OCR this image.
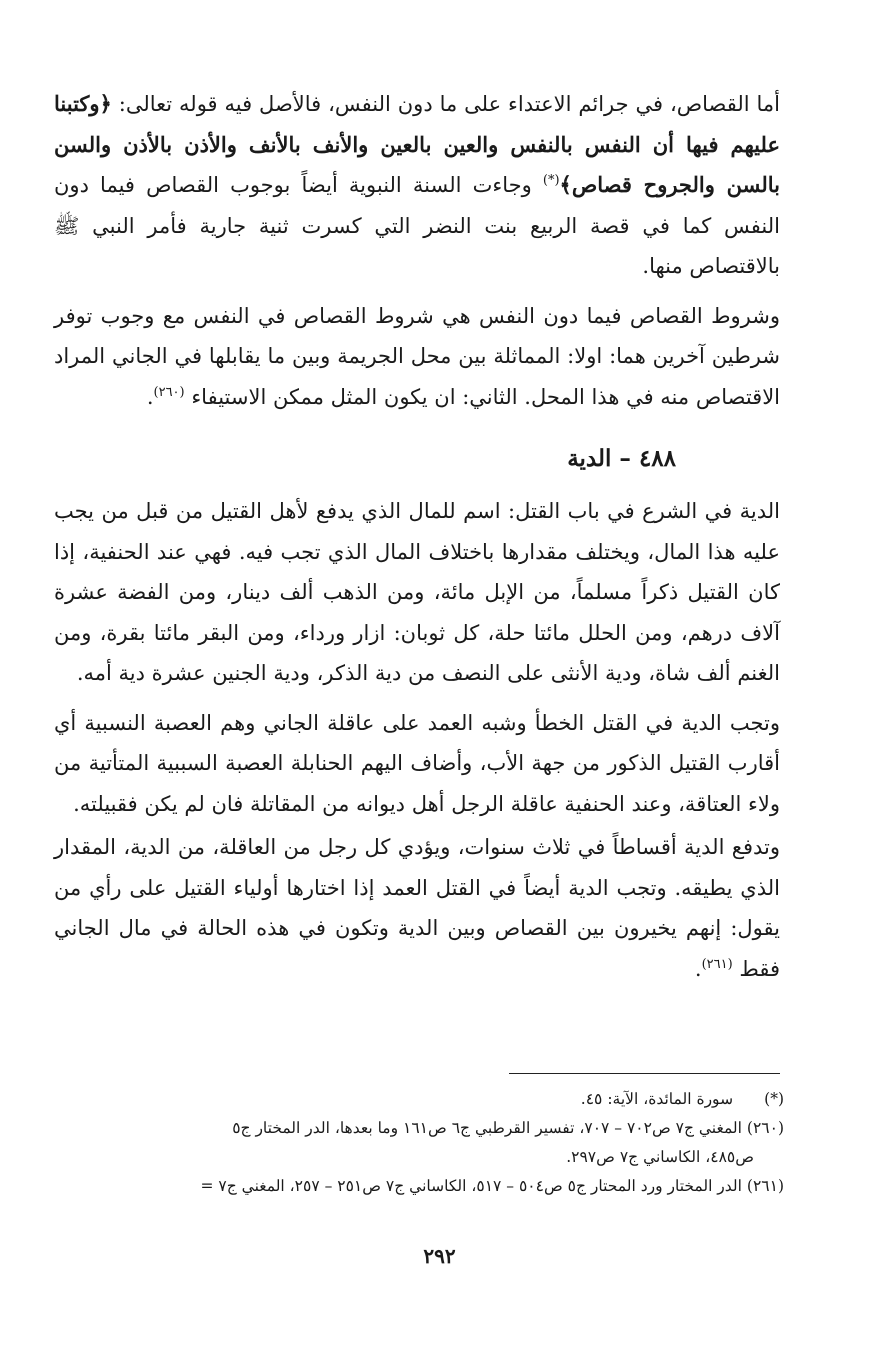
أما القصاص، في جرائم الاعتداء على ما دون النفس، فالأصل فيه قوله تعالى: ﴿وكتبنا عليهم فيها أن النفس بالنفس والعين بالعين والأنف بالأنف والأذن بالأذن والسن بالسن والجروح قصاص﴾(*) وجاءت السنة النبوية أيضاً بوجوب القصاص فيما دون النفس كما في قصة الربيع بنت النضر التي كسرت ثنية جارية فأمر النبي ﷺ بالاقتصاص منها.

وشروط القصاص فيما دون النفس هي شروط القصاص في النفس مع وجوب توفر شرطين آخرين هما: اولا: المماثلة بين محل الجريمة وبين ما يقابلها في الجاني المراد الاقتصاص منه في هذا المحل. الثاني: ان يكون المثل ممكن الاستيفاء $^{(٢٦٠)}$.

٤٨٨ – الدية

الدية في الشرع في باب القتل: اسم للمال الذي يدفع لأهل القتيل من قبل من يجب عليه هذا المال، ويختلف مقدارها باختلاف المال الذي تجب فيه. فهي عند الحنفية، إذا كان القتيل ذكراً مسلماً، من الإبل مائة، ومن الذهب ألف دينار، ومن الفضة عشرة آلاف درهم، ومن الحلل مائتا حلة، كل ثوبان: ازار ورداء، ومن البقر مائتا بقرة، ومن الغنم ألف شاة، ودية الأنثى على النصف من دية الذكر، ودية الجنين عشرة دية أمه.

وتجب الدية في القتل الخطأ وشبه العمد على عاقلة الجاني وهم العصبة النسبية أي أقارب القتيل الذكور من جهة الأب، وأضاف اليهم الحنابلة العصبة السببية المتأتية من ولاء العتاقة، وعند الحنفية عاقلة الرجل أهل ديوانه من المقاتلة فان لم يكن فقبيلته.

وتدفع الدية أقساطاً في ثلاث سنوات، ويؤدي كل رجل من العاقلة، من الدية، المقدار الذي يطيقه. وتجب الدية أيضاً في القتل العمد إذا اختارها أولياء القتيل على رأي من يقول: إنهم يخيرون بين القصاص وبين الدية وتكون في هذه الحالة في مال الجاني فقط $^{(٢٦١)}$.

(*) سورة المائدة، الآية: ٤٥.

(٢٦٠) المغني ج٧ ص٧٠٢ – ٧٠٧، تفسير القرطبي ج٦ ص١٦١ وما بعدها، الدر المختار ج٥

ص٤٨٥، الكاساني ج٧ ص٢٩٧.

(٢٦١) الدر المختار ورد المحتار ج٥ ص٥٠٤ – ٥١٧، الكاساني ج٧ ص٢٥١ – ٢٥٧، المغني ج٧ =

٢٩٢
